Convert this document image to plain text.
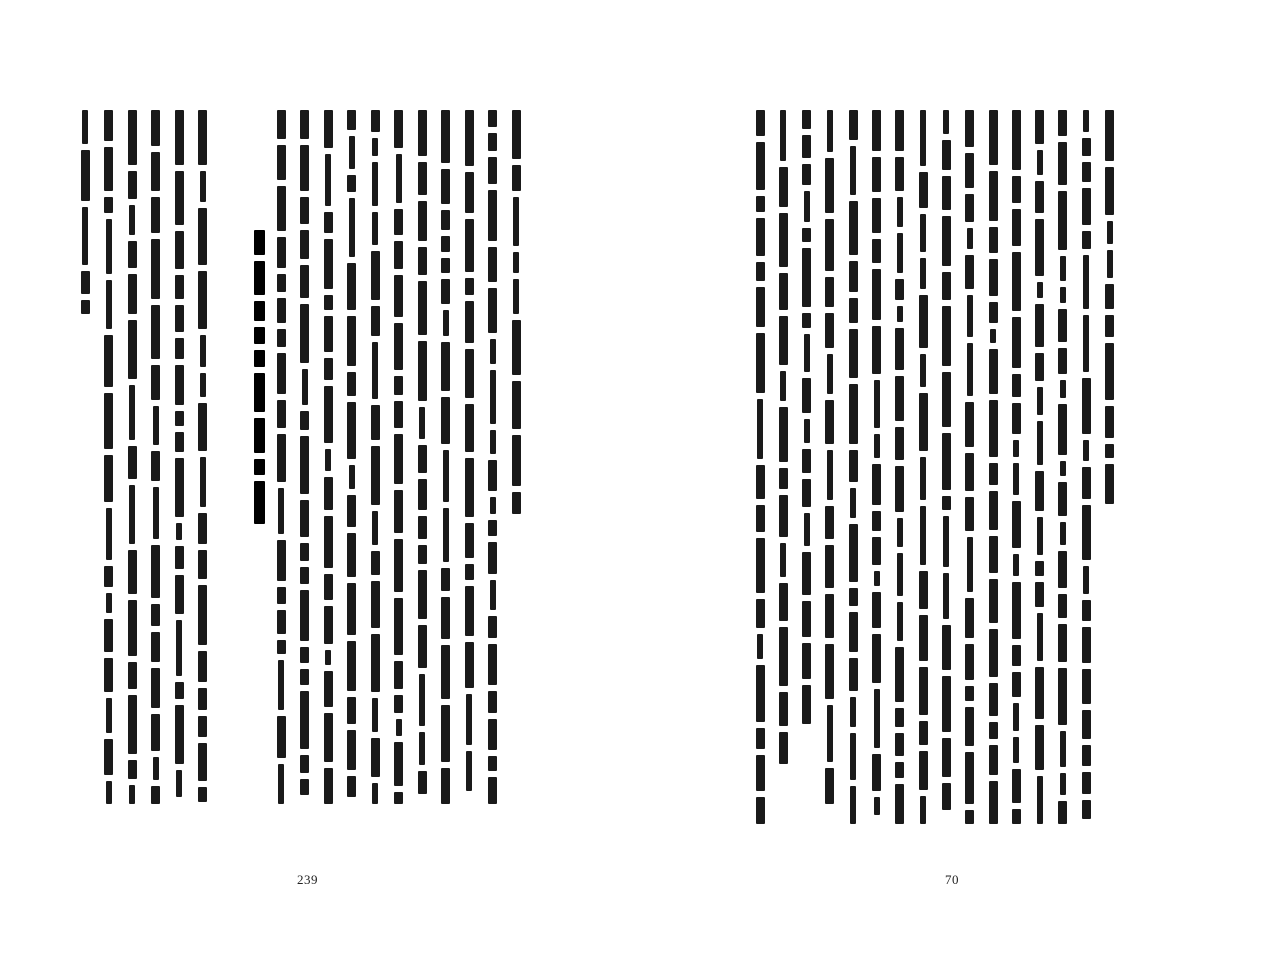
239	70
